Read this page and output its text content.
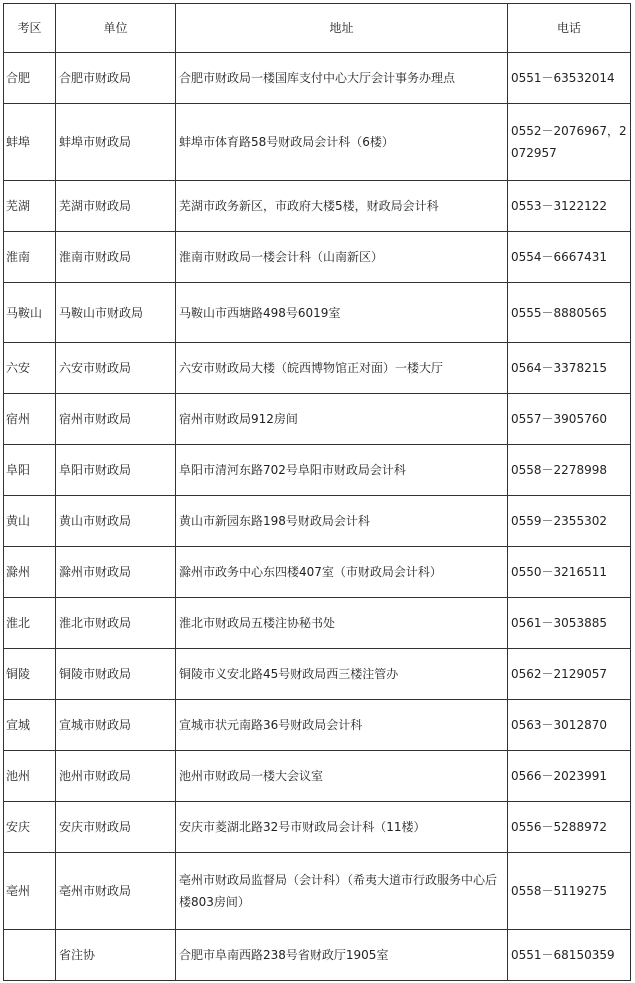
考区	单位	地址	电话
合肥	合肥市财政局	合肥市财政局一楼国库支付中心大厅会计事务办理点	0551－63532014
蚌埠	蚌埠市财政局	蚌埠市体育路58号财政局会计科（6楼）	0552－2076967，2072957
芜湖	芜湖市财政局	芜湖市政务新区，市政府大楼5楼，财政局会计科	0553－3122122
淮南	淮南市财政局	淮南市财政局一楼会计科（山南新区）	0554－6667431
马鞍山	马鞍山市财政局	马鞍山市西塘路498号6019室	0555－8880565
六安	六安市财政局	六安市财政局大楼（皖西博物馆正对面）一楼大厅	0564－3378215
宿州	宿州市财政局	宿州市财政局912房间	0557－3905760
阜阳	阜阳市财政局	阜阳市清河东路702号阜阳市财政局会计科	0558－2278998
黄山	黄山市财政局	黄山市新园东路198号财政局会计科	0559－2355302
滁州	滁州市财政局	滁州市政务中心东四楼407室（市财政局会计科）	0550－3216511
淮北	淮北市财政局	淮北市财政局五楼注协秘书处	0561－3053885
铜陵	铜陵市财政局	铜陵市义安北路45号财政局西三楼注管办	0562－2129057
宣城	宣城市财政局	宣城市状元南路36号财政局会计科	0563－3012870
池州	池州市财政局	池州市财政局一楼大会议室	0566－2023991
安庆	安庆市财政局	安庆市菱湖北路32号市财政局会计科（11楼）	0556－5288972
亳州	亳州市财政局	亳州市财政局监督局（会计科）（希夷大道市行政服务中心后楼803房间）	0558－5119275
	省注协	合肥市阜南西路238号省财政厅1905室	0551－68150359
